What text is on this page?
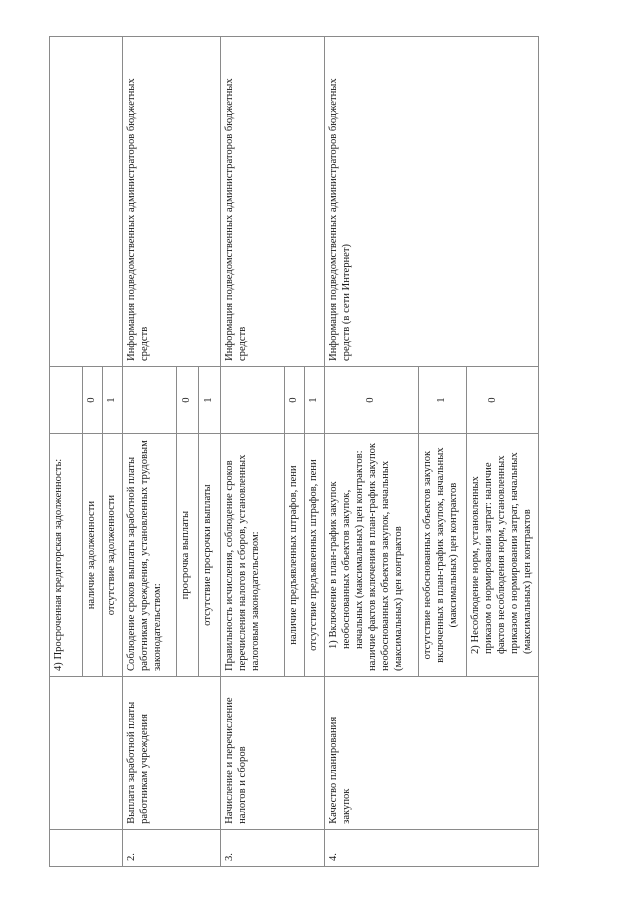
		4) Просроченная кредиторская задолженность:		
		наличие задолженности	0	
		отсутствие задолженности	1	
2.	Выплата заработной платы работникам учреждения	Соблюдение сроков выплаты заработной платы работникам учреждения, установленных трудовым законодательством:		Информация подведомственных администраторов бюджетных средств
		просрочка выплаты	0	
		отсутствие просрочки выплаты	1	
3.	Начисление и перечисление налогов и сборов	Правильность исчисления, соблюдение сроков перечисления налогов и сборов, установленных налоговым законодательством:		Информация подведомственных администраторов бюджетных средств
		наличие предъявленных штрафов, пени	0	
		отсутствие предъявленных штрафов, пени	1	
4.	Качество планирования закупок	1) Включение в план-график закупок необоснованных объектов закупок, начальных (максимальных) цен контрактов: наличие фактов включения в план-график закупок необоснованных объектов закупок, начальных (максимальных) цен контрактов	0	Информация подведомственных администраторов бюджетных средств (в сети Интернет)
		отсутствие необоснованных объектов закупок включенных в план-график закупок, начальных (максимальных) цен контрактов	1	
		2) Несоблюдение норм, установленных приказом о нормировании затрат: наличие фактов несоблюдения норм, установленных приказом о нормировании затрат, начальных (максимальных) цен контрактов	0	
